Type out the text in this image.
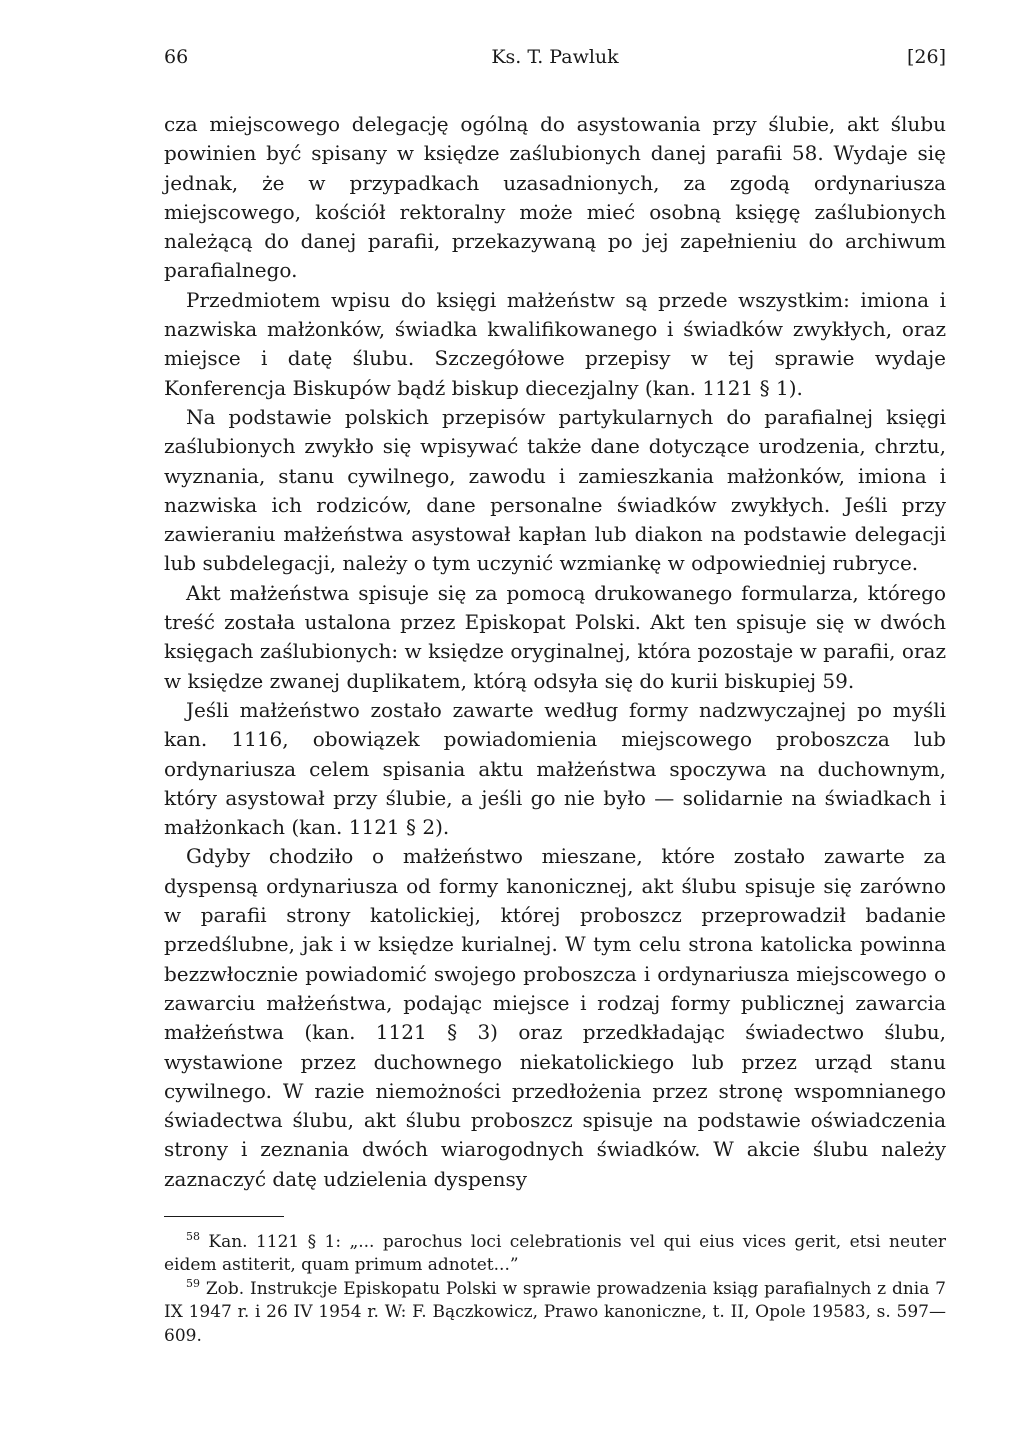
66	Ks. T. Pawluk	[26]

cza miejscowego delegację ogólną do asystowania przy ślubie, akt ślubu powinien być spisany w księdze zaślubionych danej parafii 58. Wydaje się jednak, że w przypadkach uzasadnionych, za zgodą ordynariusza miejscowego, kościół rektoralny może mieć osobną księgę zaślubionych należącą do danej parafii, przekazywaną po jej zapełnieniu do archiwum parafialnego.

Przedmiotem wpisu do księgi małżeństw są przede wszystkim: imiona i nazwiska małżonków, świadka kwalifikowanego i świadków zwykłych, oraz miejsce i datę ślubu. Szczegółowe przepisy w tej sprawie wydaje Konferencja Biskupów bądź biskup diecezjalny (kan. 1121 § 1).

Na podstawie polskich przepisów partykularnych do parafialnej księgi zaślubionych zwykło się wpisywać także dane dotyczące urodzenia, chrztu, wyznania, stanu cywilnego, zawodu i zamieszkania małżonków, imiona i nazwiska ich rodziców, dane personalne świadków zwykłych. Jeśli przy zawieraniu małżeństwa asystował kapłan lub diakon na podstawie delegacji lub subdelegacji, należy o tym uczynić wzmiankę w odpowiedniej rubryce.

Akt małżeństwa spisuje się za pomocą drukowanego formularza, którego treść została ustalona przez Episkopat Polski. Akt ten spisuje się w dwóch księgach zaślubionych: w księdze oryginalnej, która pozostaje w parafii, oraz w księdze zwanej duplikatem, którą odsyła się do kurii biskupiej 59.

Jeśli małżeństwo zostało zawarte według formy nadzwyczajnej po myśli kan. 1116, obowiązek powiadomienia miejscowego proboszcza lub ordynariusza celem spisania aktu małżeństwa spoczywa na duchownym, który asystował przy ślubie, a jeśli go nie było — solidarnie na świadkach i małżonkach (kan. 1121 § 2).

Gdyby chodziło o małżeństwo mieszane, które zostało zawarte za dyspensą ordynariusza od formy kanonicznej, akt ślubu spisuje się zarówno w parafii strony katolickiej, której proboszcz przeprowadził badanie przedślubne, jak i w księdze kurialnej. W tym celu strona katolicka powinna bezzwłocznie powiadomić swojego proboszcza i ordynariusza miejscowego o zawarciu małżeństwa, podając miejsce i rodzaj formy publicznej zawarcia małżeństwa (kan. 1121 § 3) oraz przedkładając świadectwo ślubu, wystawione przez duchownego niekatolickiego lub przez urząd stanu cywilnego. W razie niemożności przedłożenia przez stronę wspomnianego świadectwa ślubu, akt ślubu proboszcz spisuje na podstawie oświadczenia strony i zeznania dwóch wiarogodnych świadków. W akcie ślubu należy zaznaczyć datę udzielenia dyspensy

$^{58}$ Kan. 1121 § 1: „... parochus loci celebrationis vel qui eius vices gerit, etsi neuter eidem astiterit, quam primum adnotet...”

$^{59}$ Zob. Instrukcje Episkopatu Polski w sprawie prowadzenia ksiąg parafialnych z dnia 7 IX 1947 r. i 26 IV 1954 r. W: F. Bączkowicz, Prawo kanoniczne, t. II, Opole 19583, s. 597—609.
